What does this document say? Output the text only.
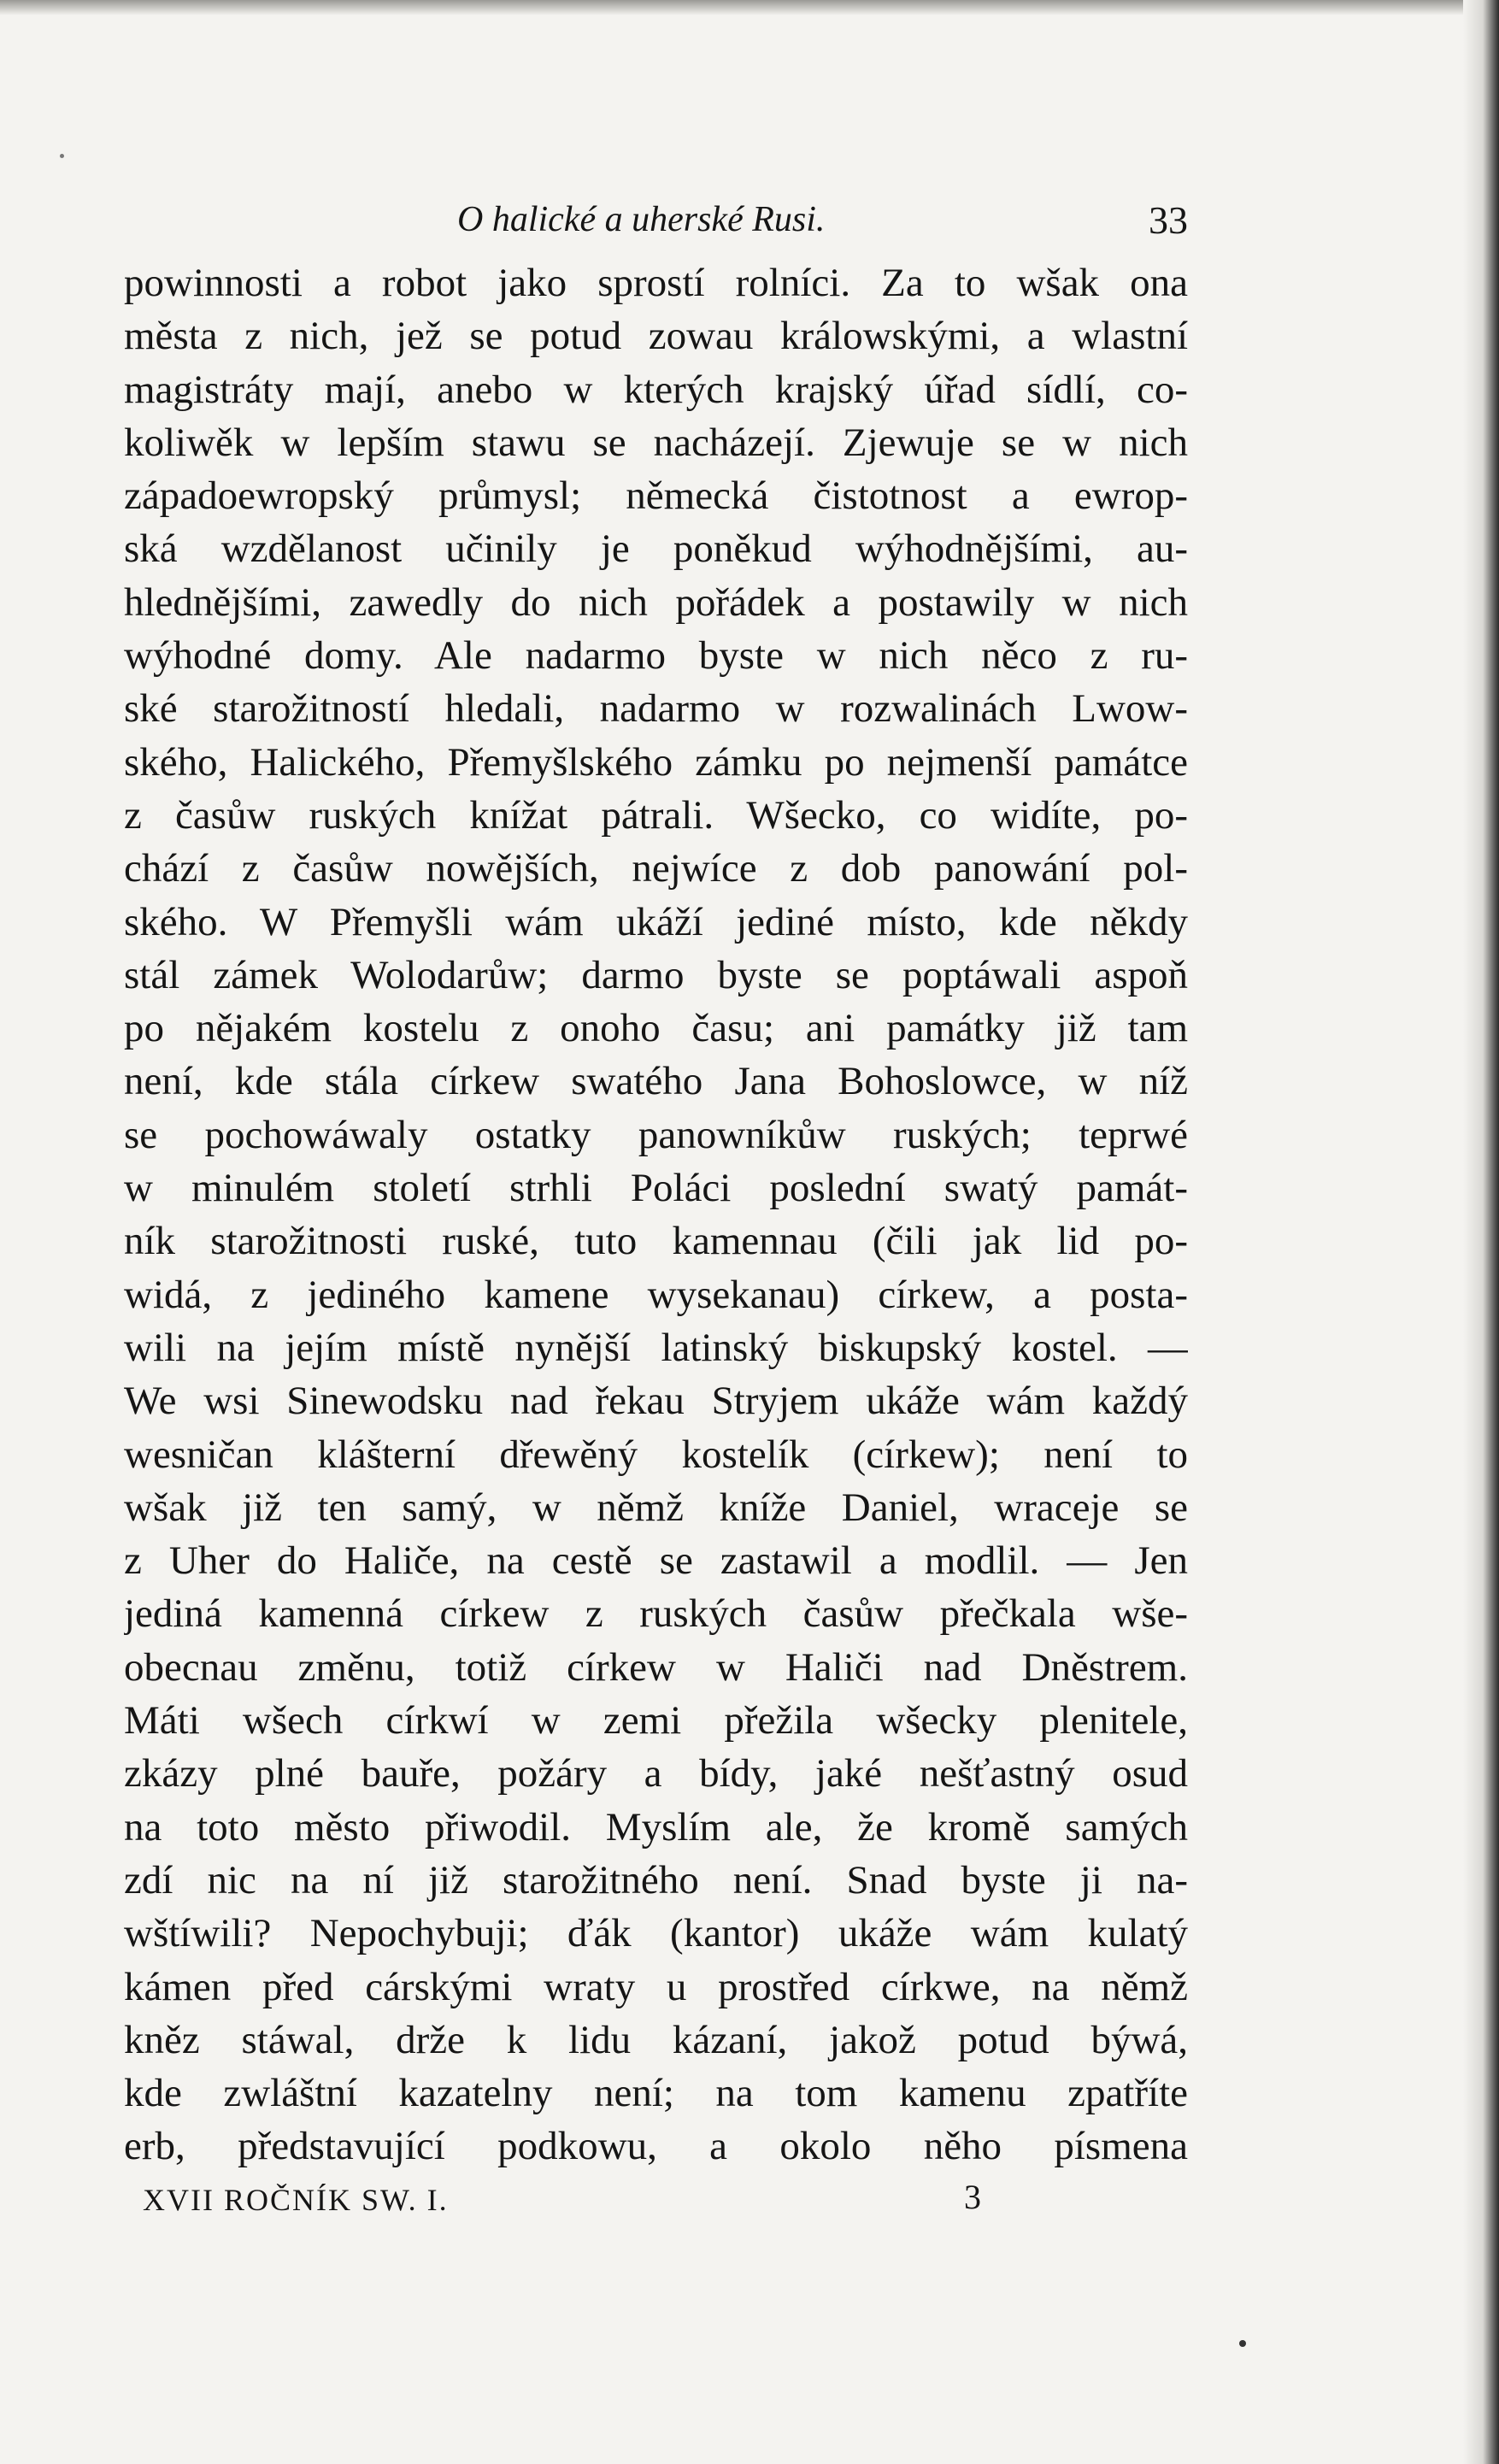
O halické a uherské Rusi.	33
powinnosti a robot jako sprostí rolníci. Za to wšak ona
města z nich, jež se potud zowau králowskými, a wlastní
magistráty mají, anebo w kterých krajský úřad sídlí, co-
koliwěk w lepším stawu se nacházejí. Zjewuje se w nich
západoewropský průmysl; německá čistotnost a ewrop-
ská wzdělanost učinily je poněkud wýhodnějšími, au-
hlednějšími, zawedly do nich pořádek a postawily w nich
wýhodné domy. Ale nadarmo byste w nich něco z ru-
ské starožitností hledali, nadarmo w rozwalinách Lwow-
ského, Halického, Přemyšlského zámku po nejmenší památce
z časůw ruských knížat pátrali. Wšecko, co widíte, po-
chází z časůw nowějších, nejwíce z dob panowání pol-
ského. W Přemyšli wám ukáží jediné místo, kde někdy
stál zámek Wolodarůw; darmo byste se poptáwali aspoň
po nějakém kostelu z onoho času; ani památky již tam
není, kde stála církew swatého Jana Bohoslowce, w níž
se pochowáwaly ostatky panowníkůw ruských; teprwé
w minulém století strhli Poláci poslední swatý památ-
ník starožitnosti ruské, tuto kamennau (čili jak lid po-
widá, z jediného kamene wysekanau) církew, a posta-
wili na jejím místě nynější latinský biskupský kostel. —
We wsi Sinewodsku nad řekau Stryjem ukáže wám každý
wesničan klášterní dřewěný kostelík (církew); není to
wšak již ten samý, w němž kníže Daniel, wraceje se
z Uher do Haliče, na cestě se zastawil a modlil. — Jen
jediná kamenná církew z ruských časůw přečkala wše-
obecnau změnu, totiž církew w Haliči nad Dněstrem.
Máti wšech církwí w zemi přežila wšecky plenitele,
zkázy plné bauře, požáry a bídy, jaké nešťastný osud
na toto město přiwodil. Myslím ale, že kromě samých
zdí nic na ní již starožitného není. Snad byste ji na-
wštíwili? Nepochybuji; ďák (kantor) ukáže wám kulatý
kámen před cárskými wraty u prostřed církwe, na němž
kněz stáwal, drže k lidu kázaní, jakož potud býwá,
kde zwláštní kazatelny není; na tom kamenu zpatříte
erb, představující podkowu, a okolo něho písmena
XVII ROČNÍK SW. I.	3
